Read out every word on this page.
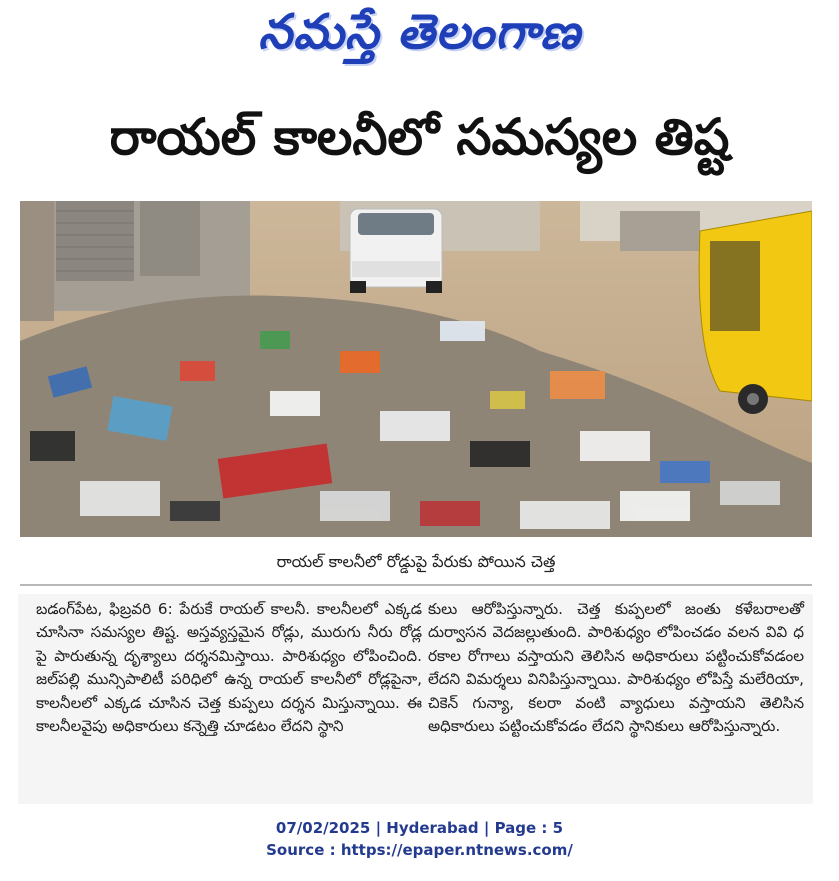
నమస్తే తెలంగాణ
రాయల్ కాలనీలో సమస్యల తిష్ట
రాయల్ కాలనీలో రోడ్డుపై పేరుకు పోయిన చెత్త
బడంగ్‌పేట, ఫిబ్రవరి 6: పేరుకే రాయల్ కాలనీ. కాలనీలలో ఎక్కడ చూసినా సమస్యల తిష్ట. అస్తవ్యస్తమైన రోడ్లు, మురుగు నీరు రోడ్ల పై పారుతున్న దృశ్యాలు దర్శనమిస్తాయి. పారిశుధ్యం లోపించింది. జల్‌పల్లి మున్సిపాలిటీ పరిధిలో ఉన్న రాయల్ కాలనీలో రోడ్లపైనా, కాలనీలలో ఎక్కడ చూసిన చెత్త కుప్పలు దర్శన మిస్తున్నాయి. ఈ కాలనీలవైపు అధికారులు కన్నెత్తి చూడటం లేదని స్థాని
కులు ఆరోపిస్తున్నారు. చెత్త కుప్పలలో జంతు కళేబరాలతో దుర్వాసన వెదజల్లుతుంది. పారిశుధ్యం లోపించడం వలన వివి ధ రకాల రోగాలు వస్తాయని తెలిసిన అధికారులు పట్టించుకోవడంల లేదని విమర్శలు వినిపిస్తున్నాయి. పారిశుధ్యం లోపిస్తే మలేరియా, చికెన్ గున్యా, కలరా వంటి వ్యాధులు వస్తాయని తెలిసిన అధికారులు పట్టించుకోవడం లేదని స్థానికులు ఆరోపిస్తున్నారు.
07/02/2025 | Hyderabad | Page : 5
Source : https://epaper.ntnews.com/
